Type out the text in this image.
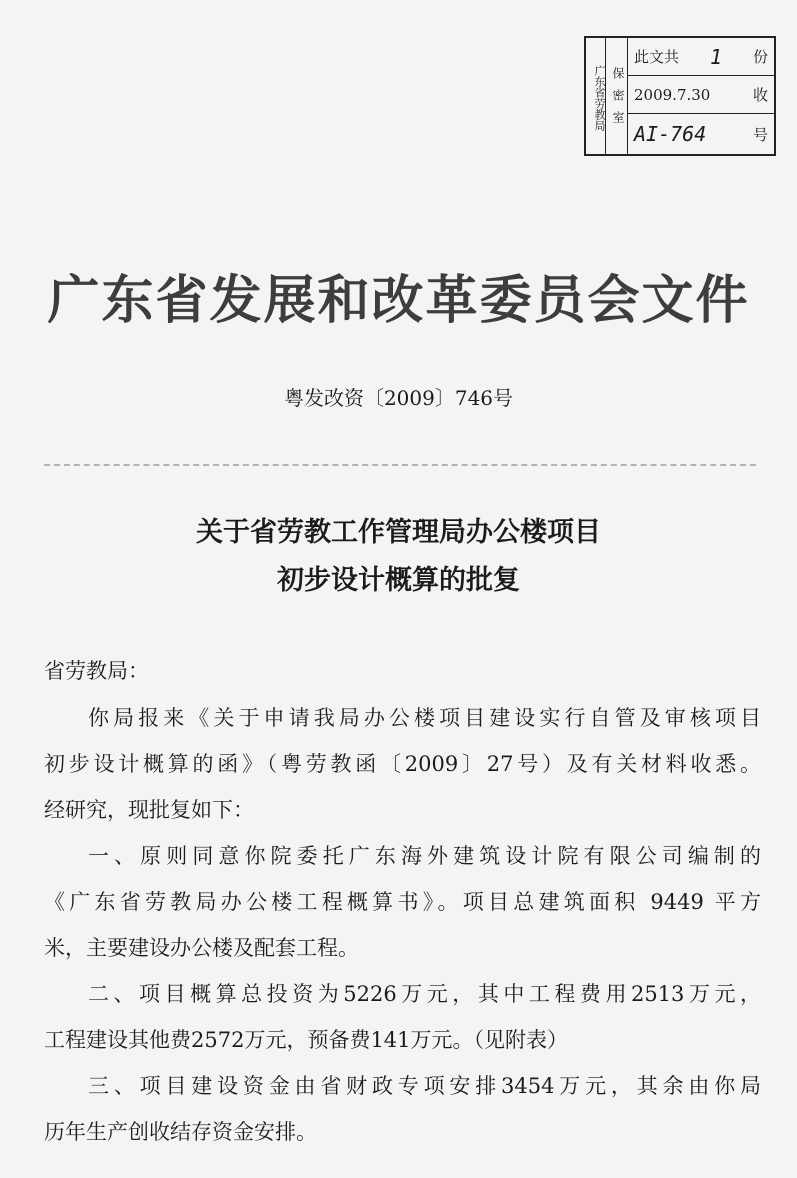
广东省劳教局 保密室
此文共 1 份
2009.7.30	收
AI-764	号
广东省发展和改革委员会文件
粤发改资〔2009〕746号
关于省劳教工作管理局办公楼项目
初步设计概算的批复
省劳教局：
你局报来《关于申请我局办公楼项目建设实行自管及审核项目
初步设计概算的函》（粤劳教函〔2009〕27号）及有关材料收悉。
经研究，现批复如下：
一、原则同意你院委托广东海外建筑设计院有限公司编制的
《广东省劳教局办公楼工程概算书》。项目总建筑面积 9449 平方
米，主要建设办公楼及配套工程。
二、项目概算总投资为5226万元，其中工程费用2513万元，
工程建设其他费2572万元，预备费141万元。（见附表）
三、项目建设资金由省财政专项安排3454万元，其余由你局
历年生产创收结存资金安排。
